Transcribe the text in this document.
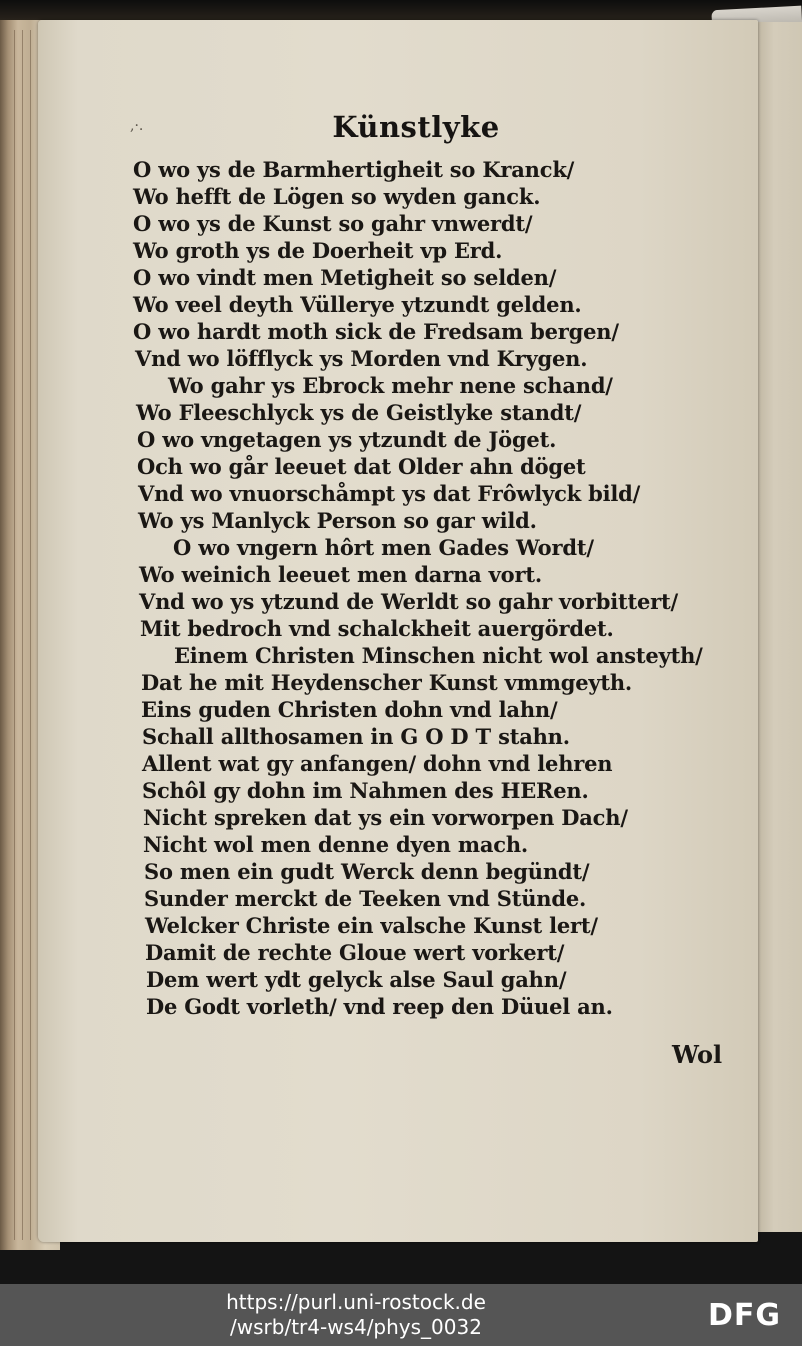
,·.	Künstlyke
O wo ys de Barmhertigheit so Kranck/
Wo hefft de Lögen so wyden ganck.
O wo ys de Kunst so gahr vnwerdt/
Wo groth ys de Doerheit vp Erd.
O wo vindt men Metigheit so selden/
Wo veel deyth Vüllerye ytzundt gelden.
O wo hardt moth sick de Fredsam bergen/
Vnd wo löfflyck ys Morden vnd Krygen.
Wo gahr ys Ebrock mehr nene schand/
Wo Fleeschlyck ys de Geistlyke standt/
O wo vngetagen ys ytzundt de Jöget.
Och wo går leeuet dat Older ahn döget
Vnd wo vnuorschåmpt ys dat Frôwlyck bild/
Wo ys Manlyck Person so gar wild.
O wo vngern hôrt men Gades Wordt/
Wo weinich leeuet men darna vort.
Vnd wo ys ytzund de Werldt so gahr vorbittert/
Mit bedroch vnd schalckheit auergördet.
Einem Christen Minschen nicht wol ansteyth/
Dat he mit Heydenscher Kunst vmmgeyth.
Eins guden Christen dohn vnd lahn/
Schall allthosamen in G O D T stahn.
Allent wat gy anfangen/ dohn vnd lehren
Schôl gy dohn im Nahmen des HERen.
Nicht spreken dat ys ein vorworpen Dach/
Nicht wol men denne dyen mach.
So men ein gudt Werck denn begündt/
Sunder merckt de Teeken vnd Stünde.
Welcker Christe ein valsche Kunst lert/
Damit de rechte Gloue wert vorkert/
Dem wert ydt gelyck alse Saul gahn/
De Godt vorleth/ vnd reep den Düuel an.
Wol
https://purl.uni-rostock.de
/wsrb/tr4-ws4/phys_0032	DFG
